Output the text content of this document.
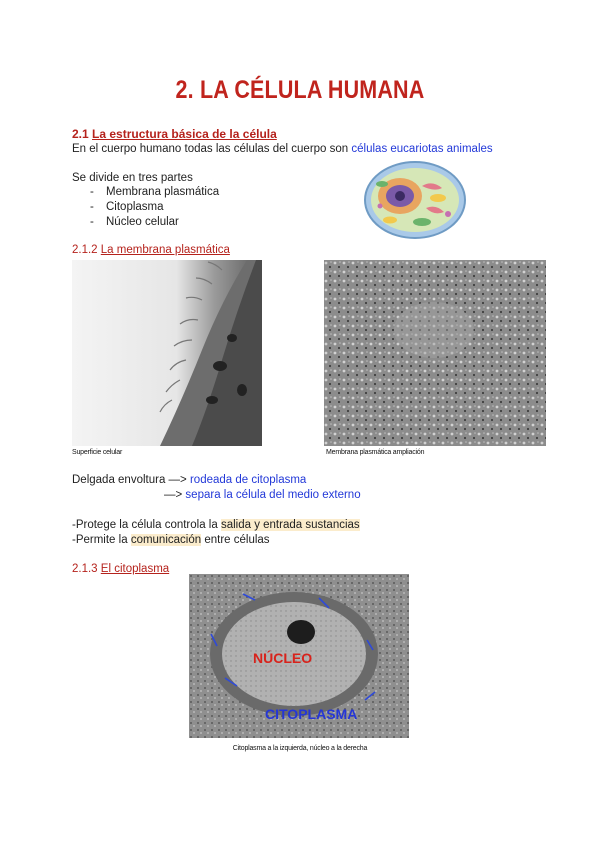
2. LA CÉLULA HUMANA
2.1 La estructura básica de la célula
En el cuerpo humano todas las células del cuerpo son células eucariotas animales
Se divide en tres partes
- Membrana plasmática
- Citoplasma
- Núcleo celular
2.1.2 La membrana plasmática
Superficie celular	Membrana plasmática ampliación
Delgada envoltura —> rodeada de citoplasma
—> separa la célula del medio externo
-Protege la célula controla la salida y entrada sustancias
-Permite la comunicación entre células
2.1.3 El citoplasma
NÚCLEO
CITOPLASMA
Citoplasma a la izquierda, núcleo a la derecha
